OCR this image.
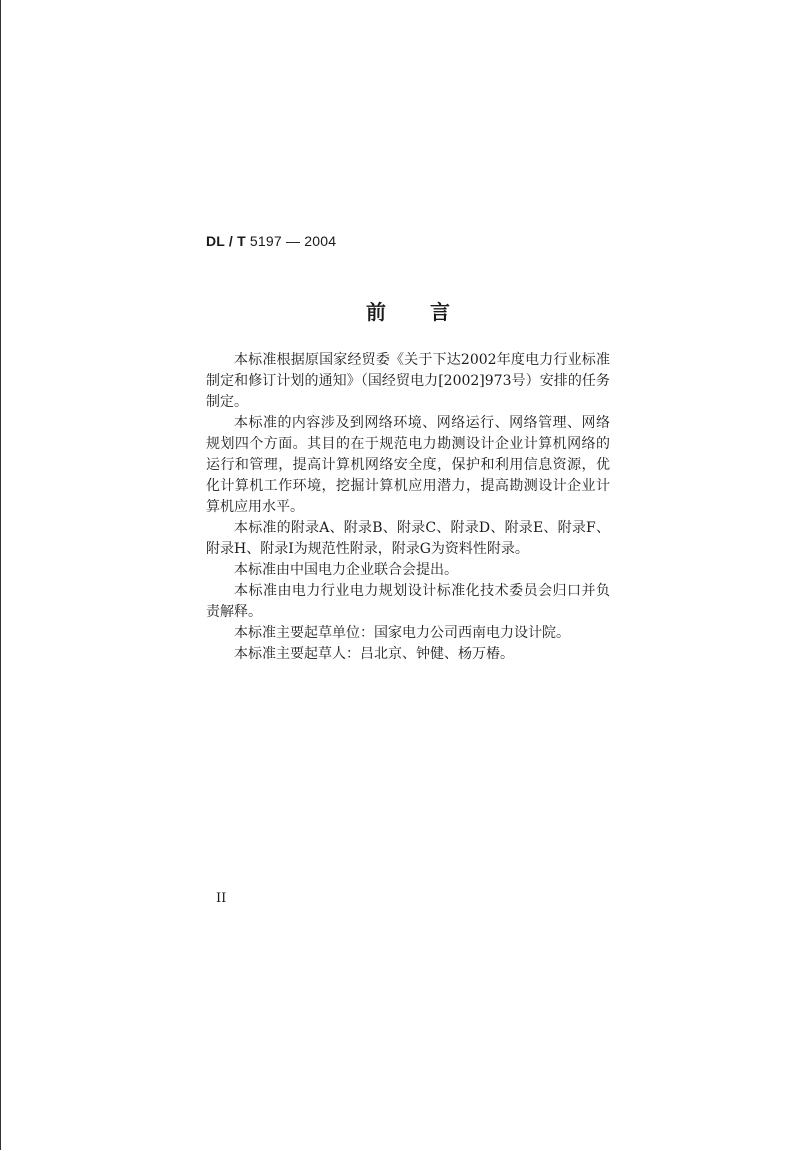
DL / T 5197 — 2004
前 言

本标准根据原国家经贸委《关于下达2002年度电力行业标准制定和修订计划的通知》（国经贸电力[2002]973号）安排的任务制定。

本标准的内容涉及到网络环境、网络运行、网络管理、网络规划四个方面。其目的在于规范电力勘测设计企业计算机网络的运行和管理，提高计算机网络安全度，保护和利用信息资源，优化计算机工作环境，挖掘计算机应用潜力，提高勘测设计企业计算机应用水平。

本标准的附录A、附录B、附录C、附录D、附录E、附录F、附录H、附录I为规范性附录，附录G为资料性附录。

本标准由中国电力企业联合会提出。

本标准由电力行业电力规划设计标准化技术委员会归口并负责解释。

本标准主要起草单位：国家电力公司西南电力设计院。

本标准主要起草人：吕北京、钟健、杨万椿。

II
